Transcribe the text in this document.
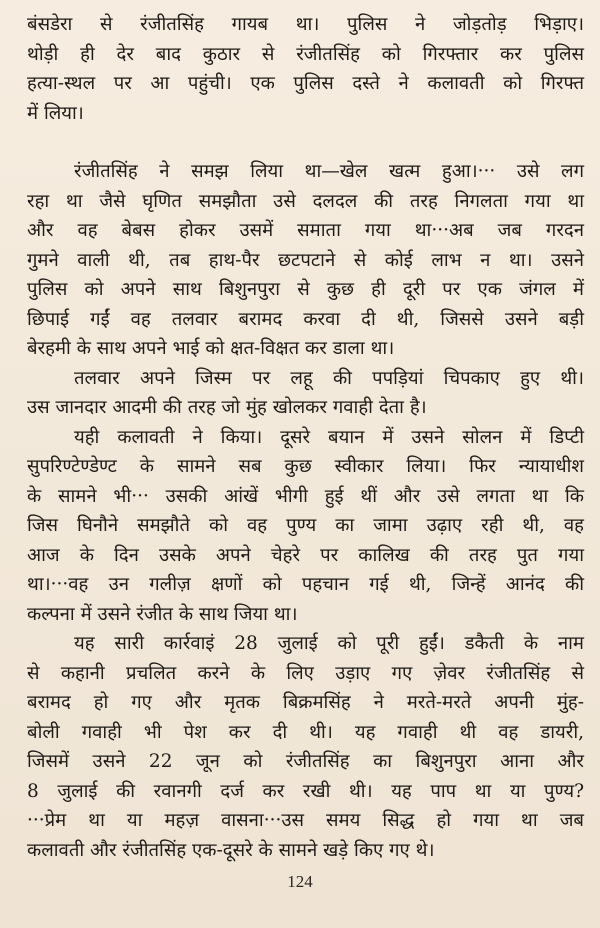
बंसडेरा से रंजीतसिंह गायब था। पुलिस ने जोड़तोड़ भिड़ाए।
थोड़ी ही देर बाद कुठार से रंजीतसिंह को गिरफ्तार कर पुलिस
हत्या-स्थल पर आ पहुंची। एक पुलिस दस्ते ने कलावती को गिरफ्त
में लिया।
रंजीतसिंह ने समझ लिया था—खेल खत्म हुआ।··· उसे लग
रहा था जैसे घृणित समझौता उसे दलदल की तरह निगलता गया था
और वह बेबस होकर उसमें समाता गया था···अब जब गरदन
गुमने वाली थी, तब हाथ-पैर छटपटाने से कोई लाभ न था। उसने
पुलिस को अपने साथ बिशुनपुरा से कुछ ही दूरी पर एक जंगल में
छिपाई गईं वह तलवार बरामद करवा दी थी, जिससे उसने बड़ी
बेरहमी के साथ अपने भाई को क्षत-विक्षत कर डाला था।
तलवार अपने जिस्म पर लहू की पपड़ियां चिपकाए हुए थी।
उस जानदार आदमी की तरह जो मुंह खोलकर गवाही देता है।
यही कलावती ने किया। दूसरे बयान में उसने सोलन में डिप्टी
सुपरिण्टेण्डेण्ट के सामने सब कुछ स्वीकार लिया। फिर न्यायाधीश
के सामने भी··· उसकी आंखें भीगी हुई थीं और उसे लगता था कि
जिस घिनौने समझौते को वह पुण्य का जामा उढ़ाए रही थी, वह
आज के दिन उसके अपने चेहरे पर कालिख की तरह पुत गया
था।···वह उन गलीज़ क्षणों को पहचान गई थी, जिन्हें आनंद की
कल्पना में उसने रंजीत के साथ जिया था।
यह सारी कार्रवाइं 28 जुलाई को पूरी हुईं। डकैती के नाम
से कहानी प्रचलित करने के लिए उड़ाए गए ज़ेवर रंजीतसिंह से
बरामद हो गए और मृतक बिक्रमसिंह ने मरते-मरते अपनी मुंह-
बोली गवाही भी पेश कर दी थी। यह गवाही थी वह डायरी,
जिसमें उसने 22 जून को रंजीतसिंह का बिशुनपुरा आना और
8 जुलाई की रवानगी दर्ज कर रखी थी। यह पाप था या पुण्य?
···प्रेम था या महज़ वासना···उस समय सिद्ध हो गया था जब
कलावती और रंजीतसिंह एक-दूसरे के सामने खड़े किए गए थे।
124
